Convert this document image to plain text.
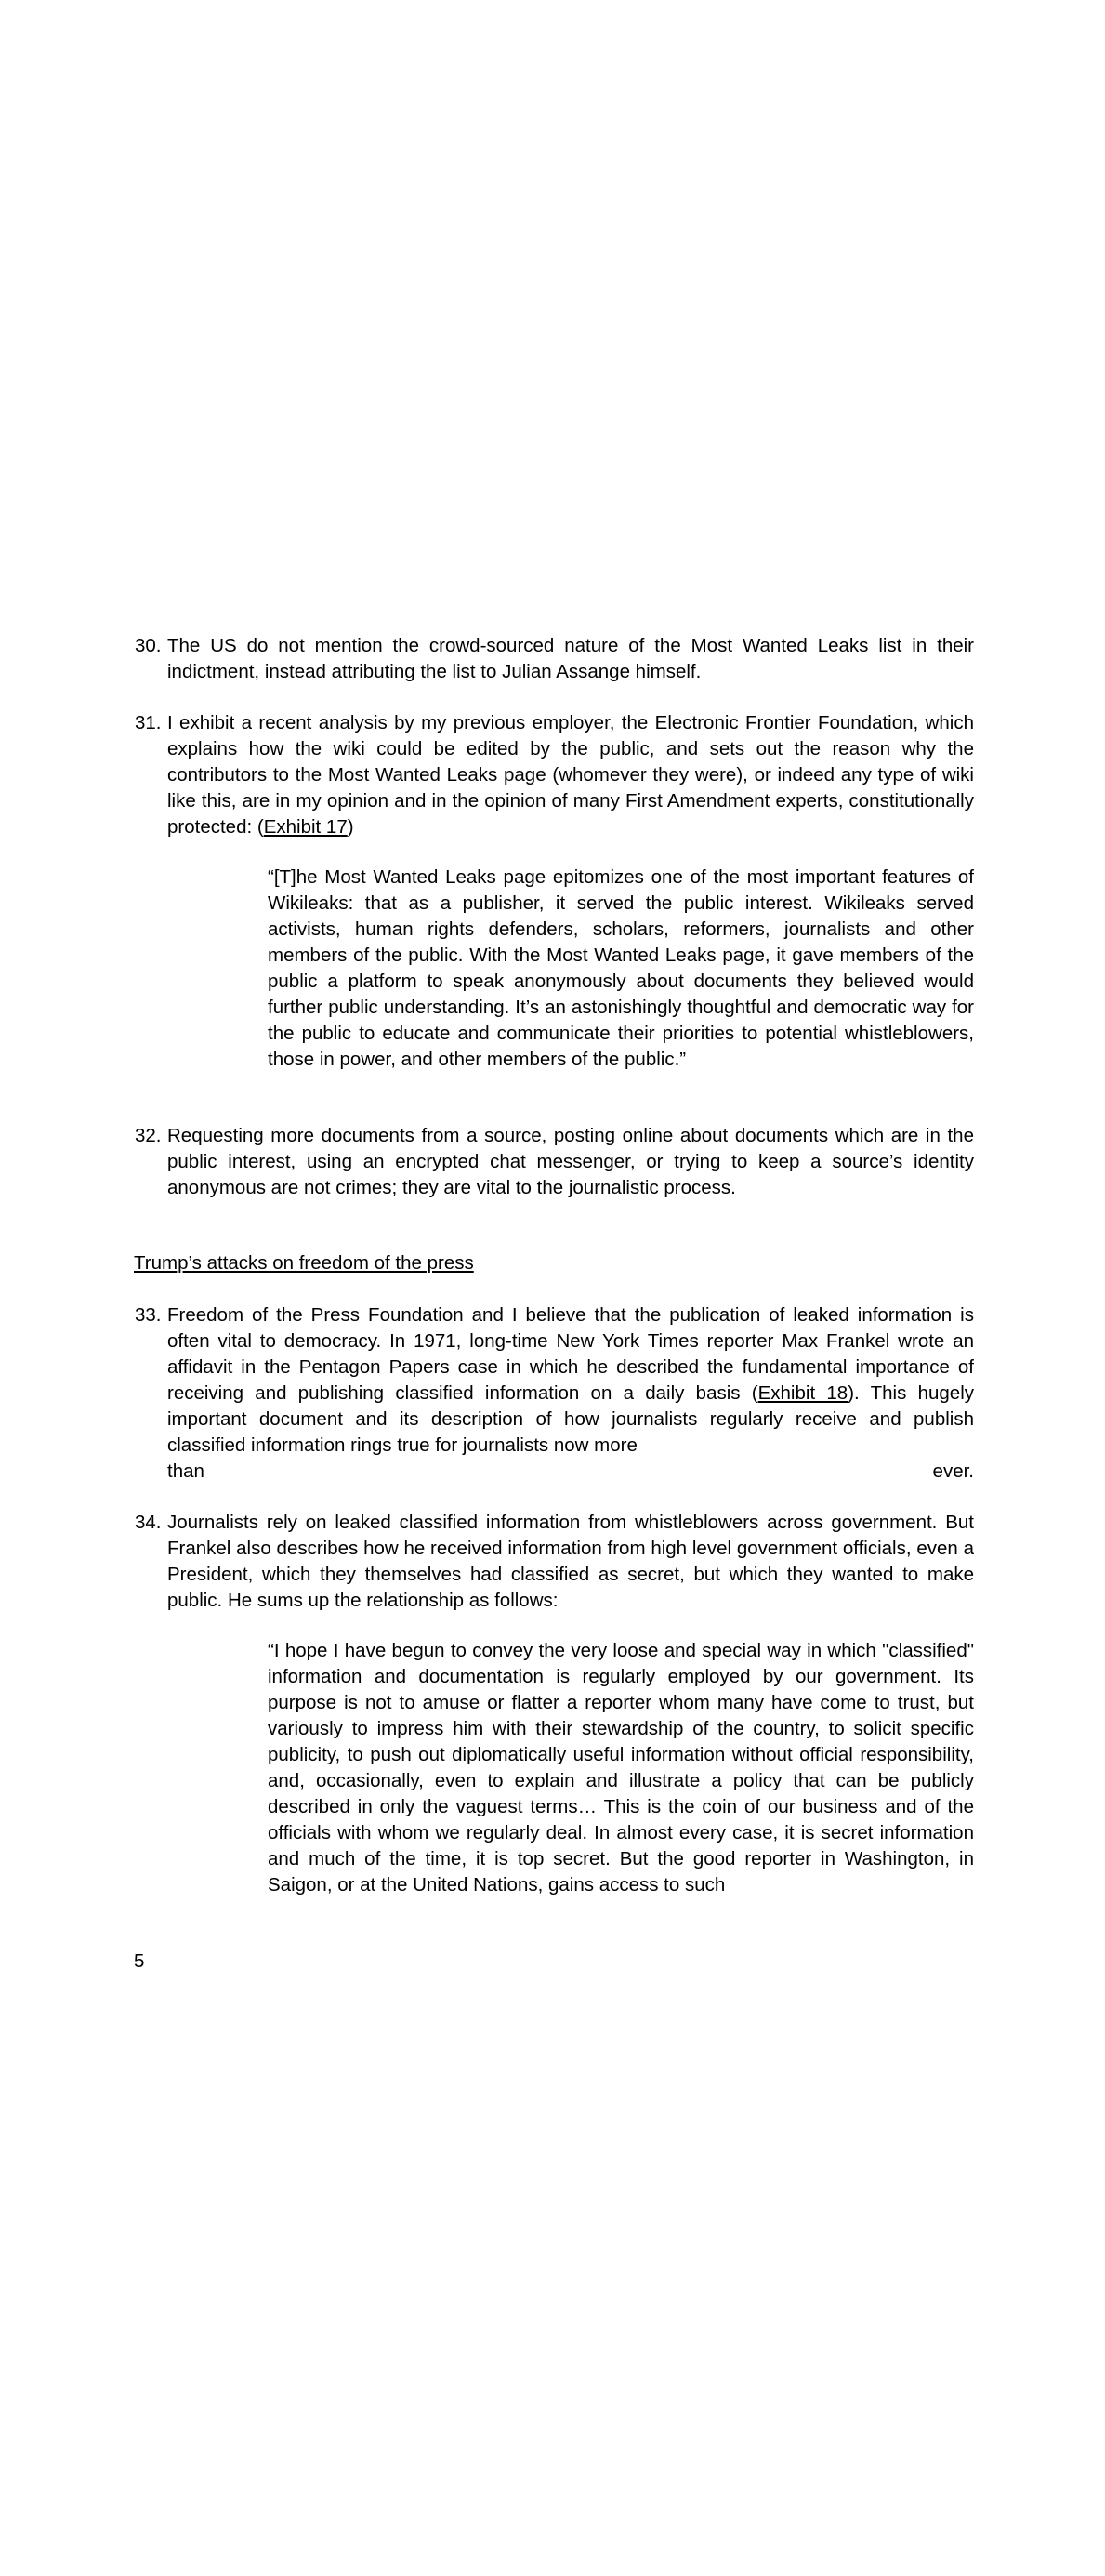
30. The US do not mention the crowd-sourced nature of the Most Wanted Leaks list in their indictment, instead attributing the list to Julian Assange himself.
31. I exhibit a recent analysis by my previous employer, the Electronic Frontier Foundation, which explains how the wiki could be edited by the public, and sets out the reason why the contributors to the Most Wanted Leaks page (whomever they were), or indeed any type of wiki like this, are in my opinion and in the opinion of many First Amendment experts, constitutionally protected: (Exhibit 17)
“[T]he Most Wanted Leaks page epitomizes one of the most important features of Wikileaks: that as a publisher, it served the public interest. Wikileaks served activists, human rights defenders, scholars, reformers, journalists and other members of the public. With the Most Wanted Leaks page, it gave members of the public a platform to speak anonymously about documents they believed would further public understanding. It’s an astonishingly thoughtful and democratic way for the public to educate and communicate their priorities to potential whistleblowers, those in power, and other members of the public.”
32. Requesting more documents from a source, posting online about documents which are in the public interest, using an encrypted chat messenger, or trying to keep a source’s identity anonymous are not crimes; they are vital to the journalistic process.
Trump’s attacks on freedom of the press
33. Freedom of the Press Foundation and I believe that the publication of leaked information is often vital to democracy. In 1971, long-time New York Times reporter Max Frankel wrote an affidavit in the Pentagon Papers case in which he described the fundamental importance of receiving and publishing classified information on a daily basis (Exhibit 18). This hugely important document and its description of how journalists regularly receive and publish classified information rings true for journalists now more
than	ever.
34. Journalists rely on leaked classified information from whistleblowers across government. But Frankel also describes how he received information from high level government officials, even a President, which they themselves had classified as secret, but which they wanted to make public. He sums up the relationship as follows:
“I hope I have begun to convey the very loose and special way in which "classified" information and documentation is regularly employed by our government. Its purpose is not to amuse or flatter a reporter whom many have come to trust, but variously to impress him with their stewardship of the country, to solicit specific publicity, to push out diplomatically useful information without official responsibility, and, occasionally, even to explain and illustrate a policy that can be publicly described in only the vaguest terms… This is the coin of our business and of the officials with whom we regularly deal. In almost every case, it is secret information and much of the time, it is top secret. But the good reporter in Washington, in Saigon, or at the United Nations, gains access to such
5
